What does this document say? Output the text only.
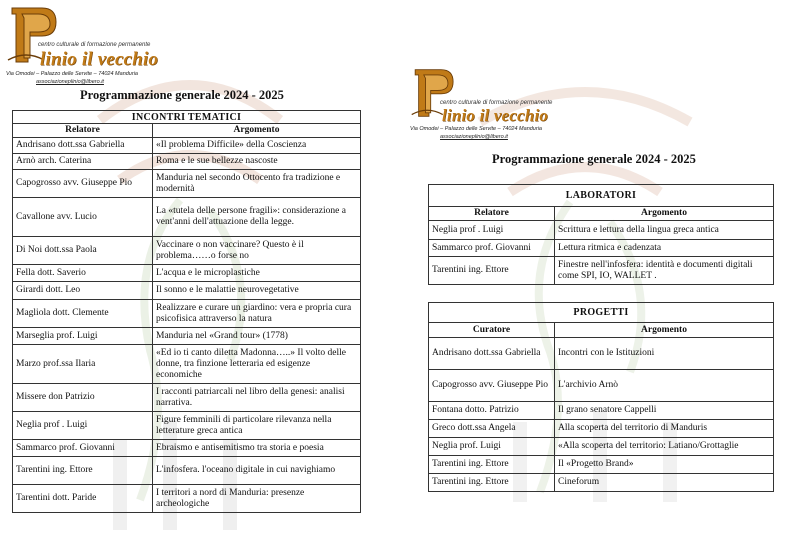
centro culturale di formazione permanente
linio il vecchio
Via Omodei – Palazzo delle Servite – 74024 Manduria
associazioneplinio@libero.it
Programmazione generale 2024 - 2025
INCONTRI TEMATICI	
Relatore	Argomento
Andrisano dott.ssa Gabriella	«Il problema Difficile» della Coscienza
Arnò arch. Caterina	Roma e le sue bellezze nascoste
Capogrosso avv. Giuseppe Pio	Manduria nel secondo Ottocento fra tradizione e modernità
Cavallone avv. Lucio	La «tutela delle persone fragili»: considerazione a vent'anni dell'attuazione della legge.
Di Noi dott.ssa Paola	Vaccinare o non vaccinare? Questo è il problema……o forse no
Fella dott. Saverio	L'acqua e le microplastiche
Girardi dott. Leo	Il sonno e le malattie neurovegetative
Magliola dott. Clemente	Realizzare e curare un giardino: vera e propria cura psicofisica attraverso la natura
Marseglia prof. Luigi	Manduria nel «Grand tour» (1778)
Marzo prof.ssa Ilaria	«Ed io ti canto diletta Madonna…..» Il volto delle donne, tra finzione letteraria ed esigenze economiche
Missere don Patrizio	I racconti patriarcali nel libro della genesi: analisi narrativa.
Neglia prof . Luigi	Figure femminili di particolare rilevanza nella letterature greca antica
Sammarco prof. Giovanni	Ebraismo e antisemitismo tra storia e poesia
Tarentini ing. Ettore	L'infosfera. l'oceano digitale in cui navighiamo
Tarentini dott. Paride	I territori a nord di Manduria: presenze archeologiche
centro culturale di formazione permanente
linio il vecchio
Via Omodei – Palazzo delle Servite – 74024 Manduria
associazioneplinio@libero.it
Programmazione generale 2024 - 2025
LABORATORI	
Relatore	Argomento
Neglia prof . Luigi	Scrittura e lettura della lingua greca antica
Sammarco prof. Giovanni	Lettura ritmica e cadenzata
Tarentini ing. Ettore	Finestre nell'infosfera: identità e documenti digitali come SPI, IO, WALLET .
PROGETTI	
Curatore	Argomento
Andrisano dott.ssa Gabriella	Incontri con le Istituzioni
Capogrosso avv. Giuseppe Pio	L'archivio Arnò
Fontana dotto. Patrizio	Il grano senatore Cappelli
Greco dott.ssa Angela	Alla scoperta del territorio di Manduris
Neglia prof. Luigi	«Alla scoperta del territorio: Latiano/Grottaglie
Tarentini ing. Ettore	Il «Progetto Brand»
Tarentini ing. Ettore	Cineforum
